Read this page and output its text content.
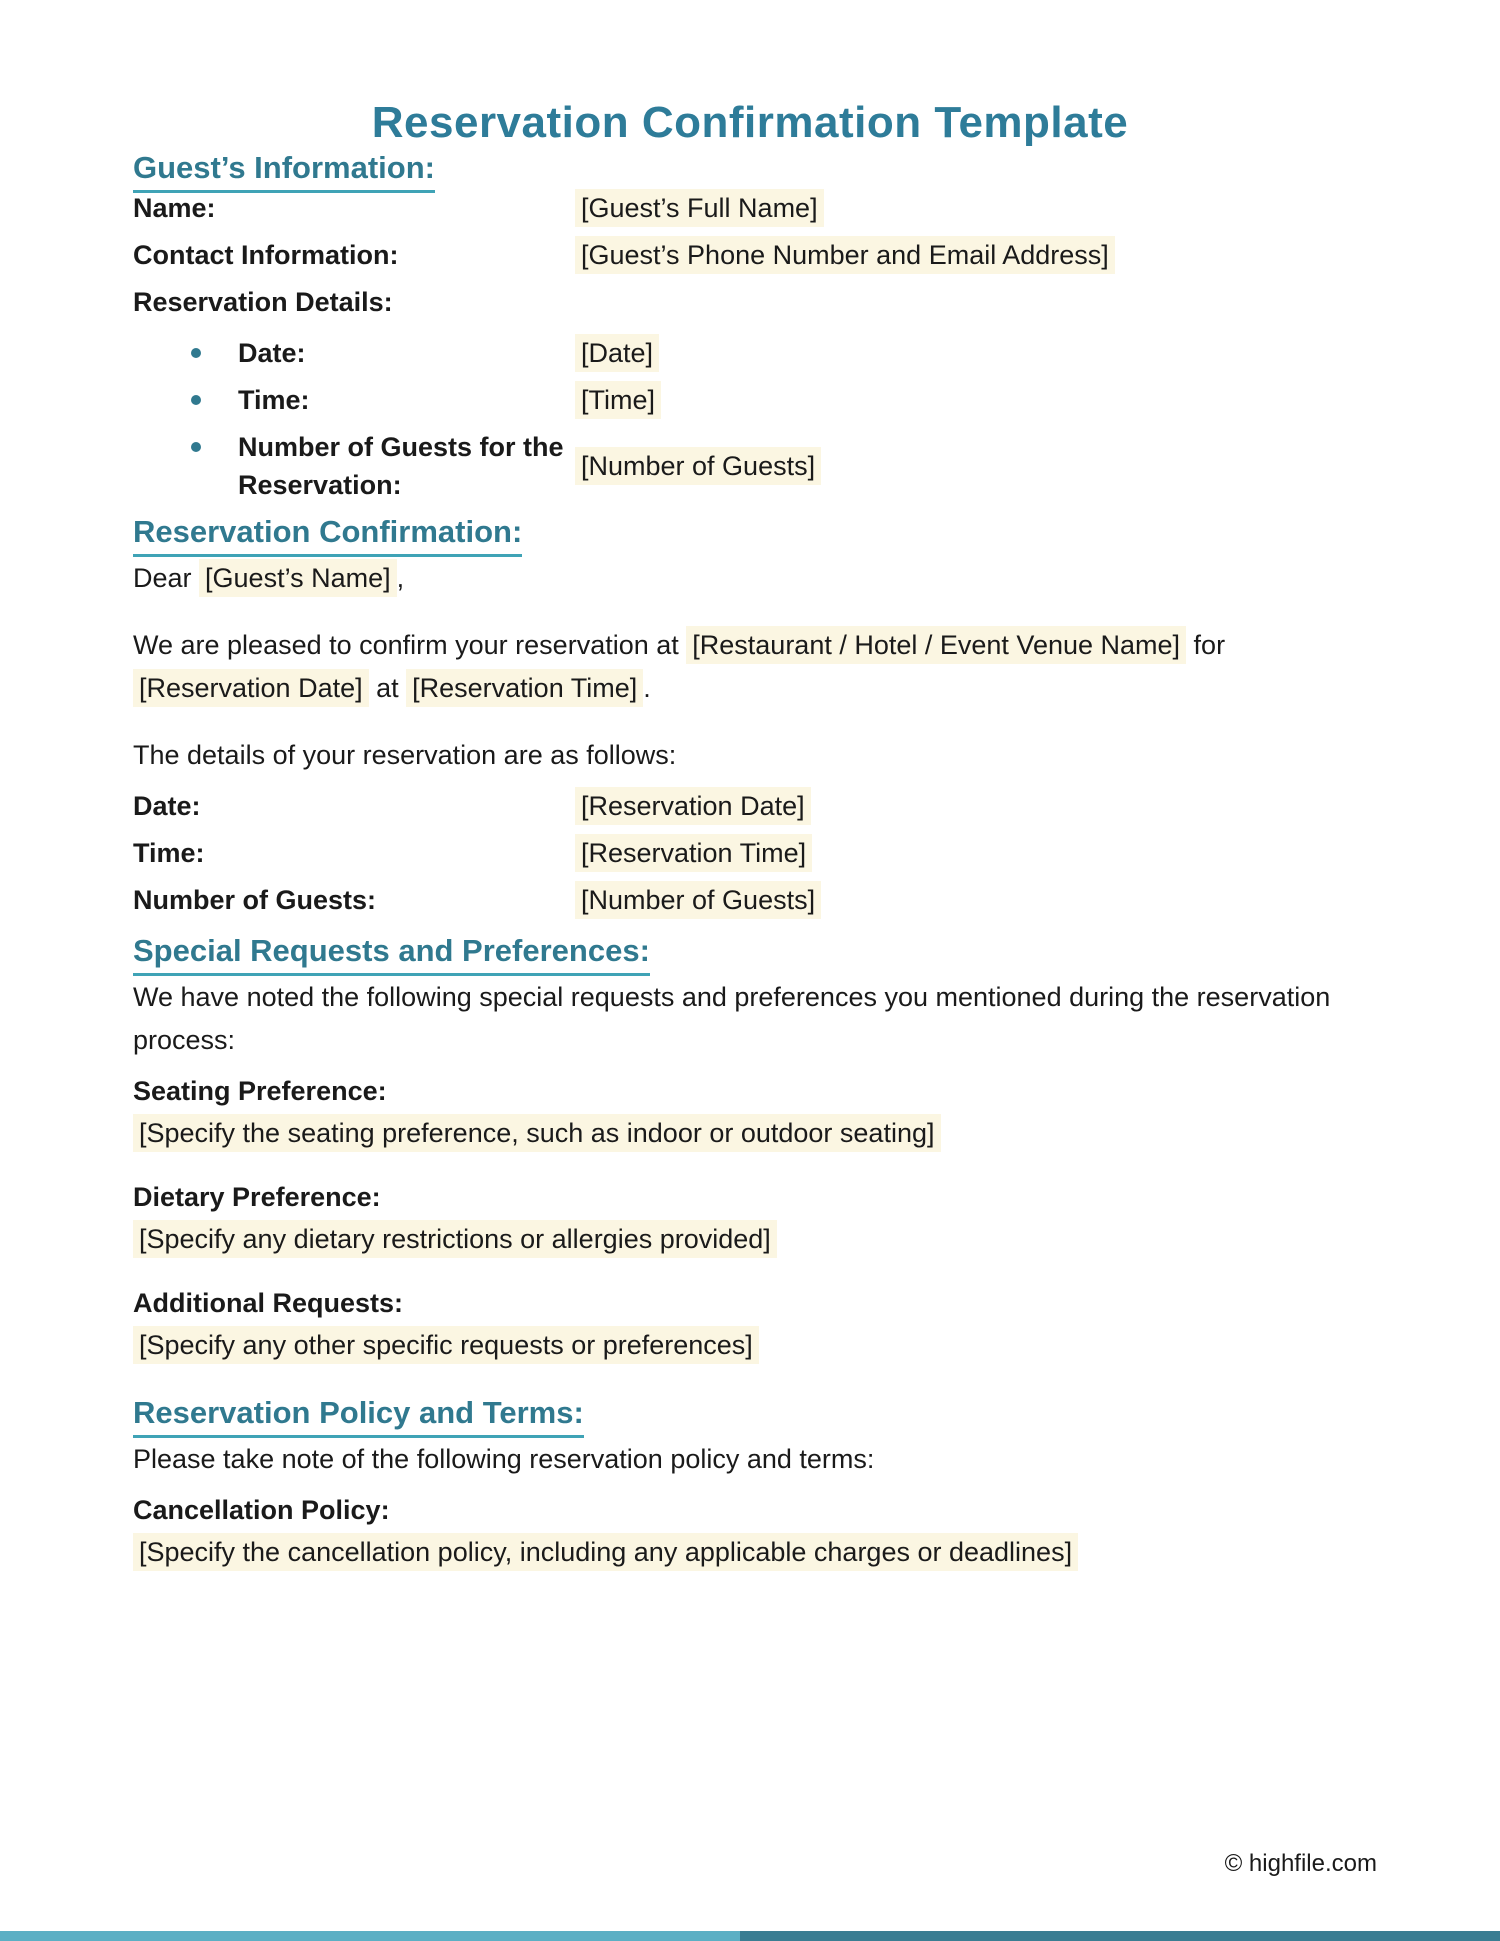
Reservation Confirmation Template
Guest’s Information:
Name:	[Guest’s Full Name]
Contact Information:	[Guest’s Phone Number and Email Address]
Reservation Details:
Date:	[Date]
Time:	[Time]
Number of Guests for the Reservation:
[Number of Guests]
Reservation Confirmation:

Dear [Guest’s Name] ,

We are pleased to confirm your reservation at [Restaurant / Hotel / Event Venue Name] for [Reservation Date] at [Reservation Time] .

The details of your reservation are as follows:

Date:	[Reservation Date]
Time:	[Reservation Time]
Number of Guests:	[Number of Guests]
Special Requests and Preferences:

We have noted the following special requests and preferences you mentioned during the reservation process:

Seating Preference:

[Specify the seating preference, such as indoor or outdoor seating]

Dietary Preference:

[Specify any dietary restrictions or allergies provided]

Additional Requests:

[Specify any other specific requests or preferences]

Reservation Policy and Terms:

Please take note of the following reservation policy and terms:

Cancellation Policy:

[Specify the cancellation policy, including any applicable charges or deadlines]

© highfile.com
